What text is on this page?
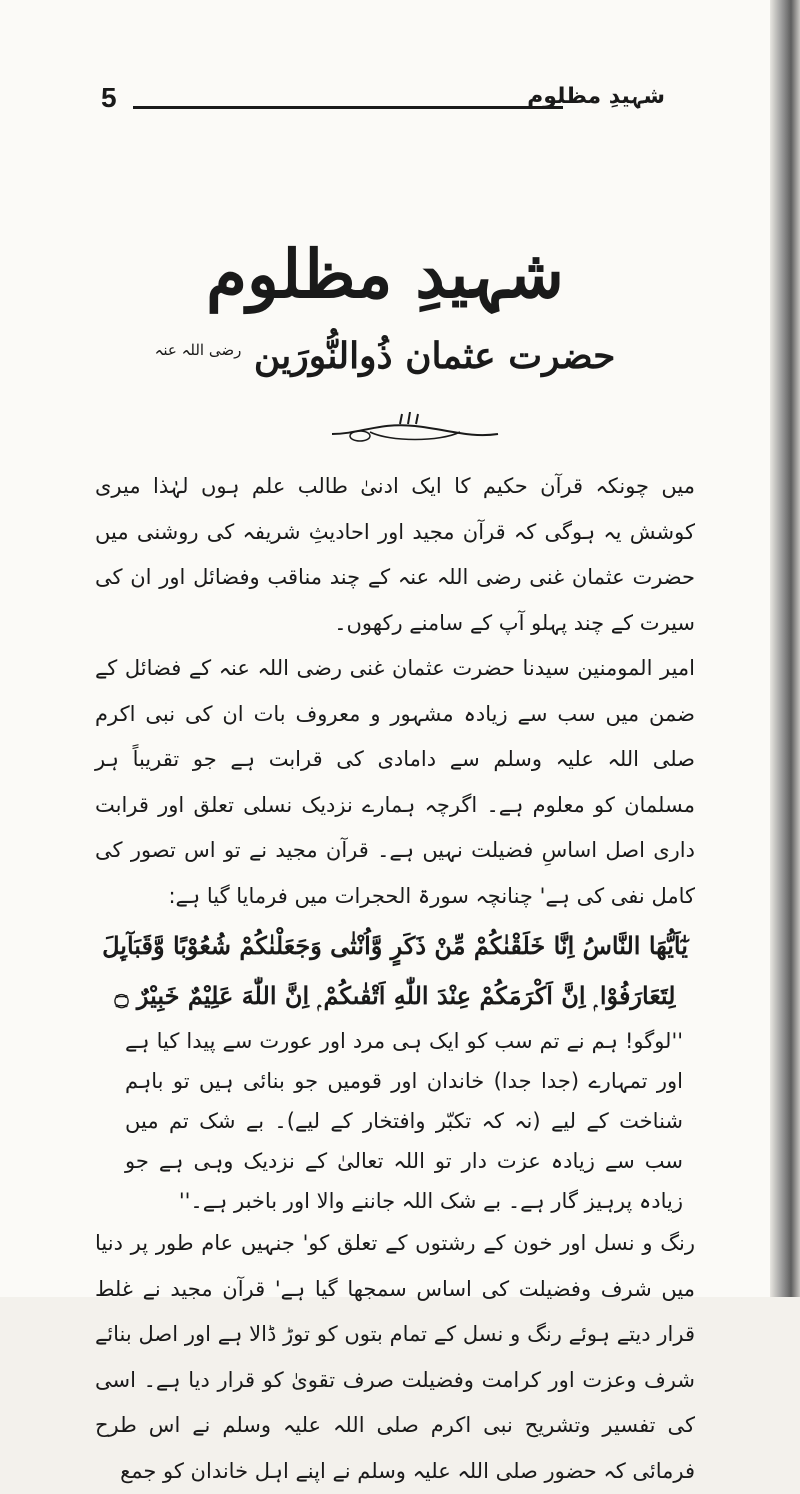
5	شہیدِ مظلوم
شہیدِ مظلوم
حضرت عثمان ذُوالنُّورَین $^{رضی اللہ عنہ}$

میں چونکہ قرآن حکیم کا ایک ادنیٰ طالب علم ہوں لہٰذا میری کوشش یہ ہوگی کہ قرآن مجید اور احادیثِ شریفہ کی روشنی میں حضرت عثمان غنی رضی اللہ عنہ کے چند مناقب وفضائل اور ان کی سیرت کے چند پہلو آپ کے سامنے رکھوں۔

امیر المومنین سیدنا حضرت عثمان غنی رضی اللہ عنہ کے فضائل کے ضمن میں سب سے زیادہ مشہور و معروف بات ان کی نبی اکرم صلی اللہ علیہ وسلم سے دامادی کی قرابت ہے جو تقریباً ہر مسلمان کو معلوم ہے۔ اگرچہ ہمارے نزدیک نسلی تعلق اور قرابت داری اصل اساسِ فضیلت نہیں ہے۔ قرآن مجید نے تو اس تصور کی کامل نفی کی ہے' چنانچہ سورۃ الحجرات میں فرمایا گیا ہے:

يٰٓاَيُّهَا النَّاسُ اِنَّا خَلَقْنٰكُمْ مِّنْ ذَكَرٍ وَّاُنْثٰى وَجَعَلْنٰكُمْ شُعُوْبًا وَّقَبَآىِٕلَ

لِتَعَارَفُوْا ۭ اِنَّ اَكْرَمَكُمْ عِنْدَ اللّٰهِ اَتْقٰىكُمْ ۭ اِنَّ اللّٰهَ عَلِيْمٌ خَبِيْرٌ ۝

''لوگو! ہم نے تم سب کو ایک ہی مرد اور عورت سے پیدا کیا ہے اور تمہارے (جدا جدا) خاندان اور قومیں جو بنائی ہیں تو باہم شناخت کے لیے (نہ کہ تکبّر وافتخار کے لیے)۔ بے شک تم میں سب سے زیادہ عزت دار تو اللہ تعالیٰ کے نزدیک وہی ہے جو زیادہ پرہیز گار ہے۔ بے شک اللہ جاننے والا اور باخبر ہے۔''

رنگ و نسل اور خون کے رشتوں کے تعلق کو' جنہیں عام طور پر دنیا میں شرف وفضیلت کی اساس سمجھا گیا ہے' قرآن مجید نے غلط قرار دیتے ہوئے رنگ و نسل کے تمام بتوں کو توڑ ڈالا ہے اور اصل بنائے شرف وعزت اور کرامت وفضیلت صرف تقویٰ کو قرار دیا ہے۔ اسی کی تفسیر وتشریح نبی اکرم صلی اللہ علیہ وسلم نے اس طرح فرمائی کہ حضور صلی اللہ علیہ وسلم نے اپنے اہل خاندان کو جمع
